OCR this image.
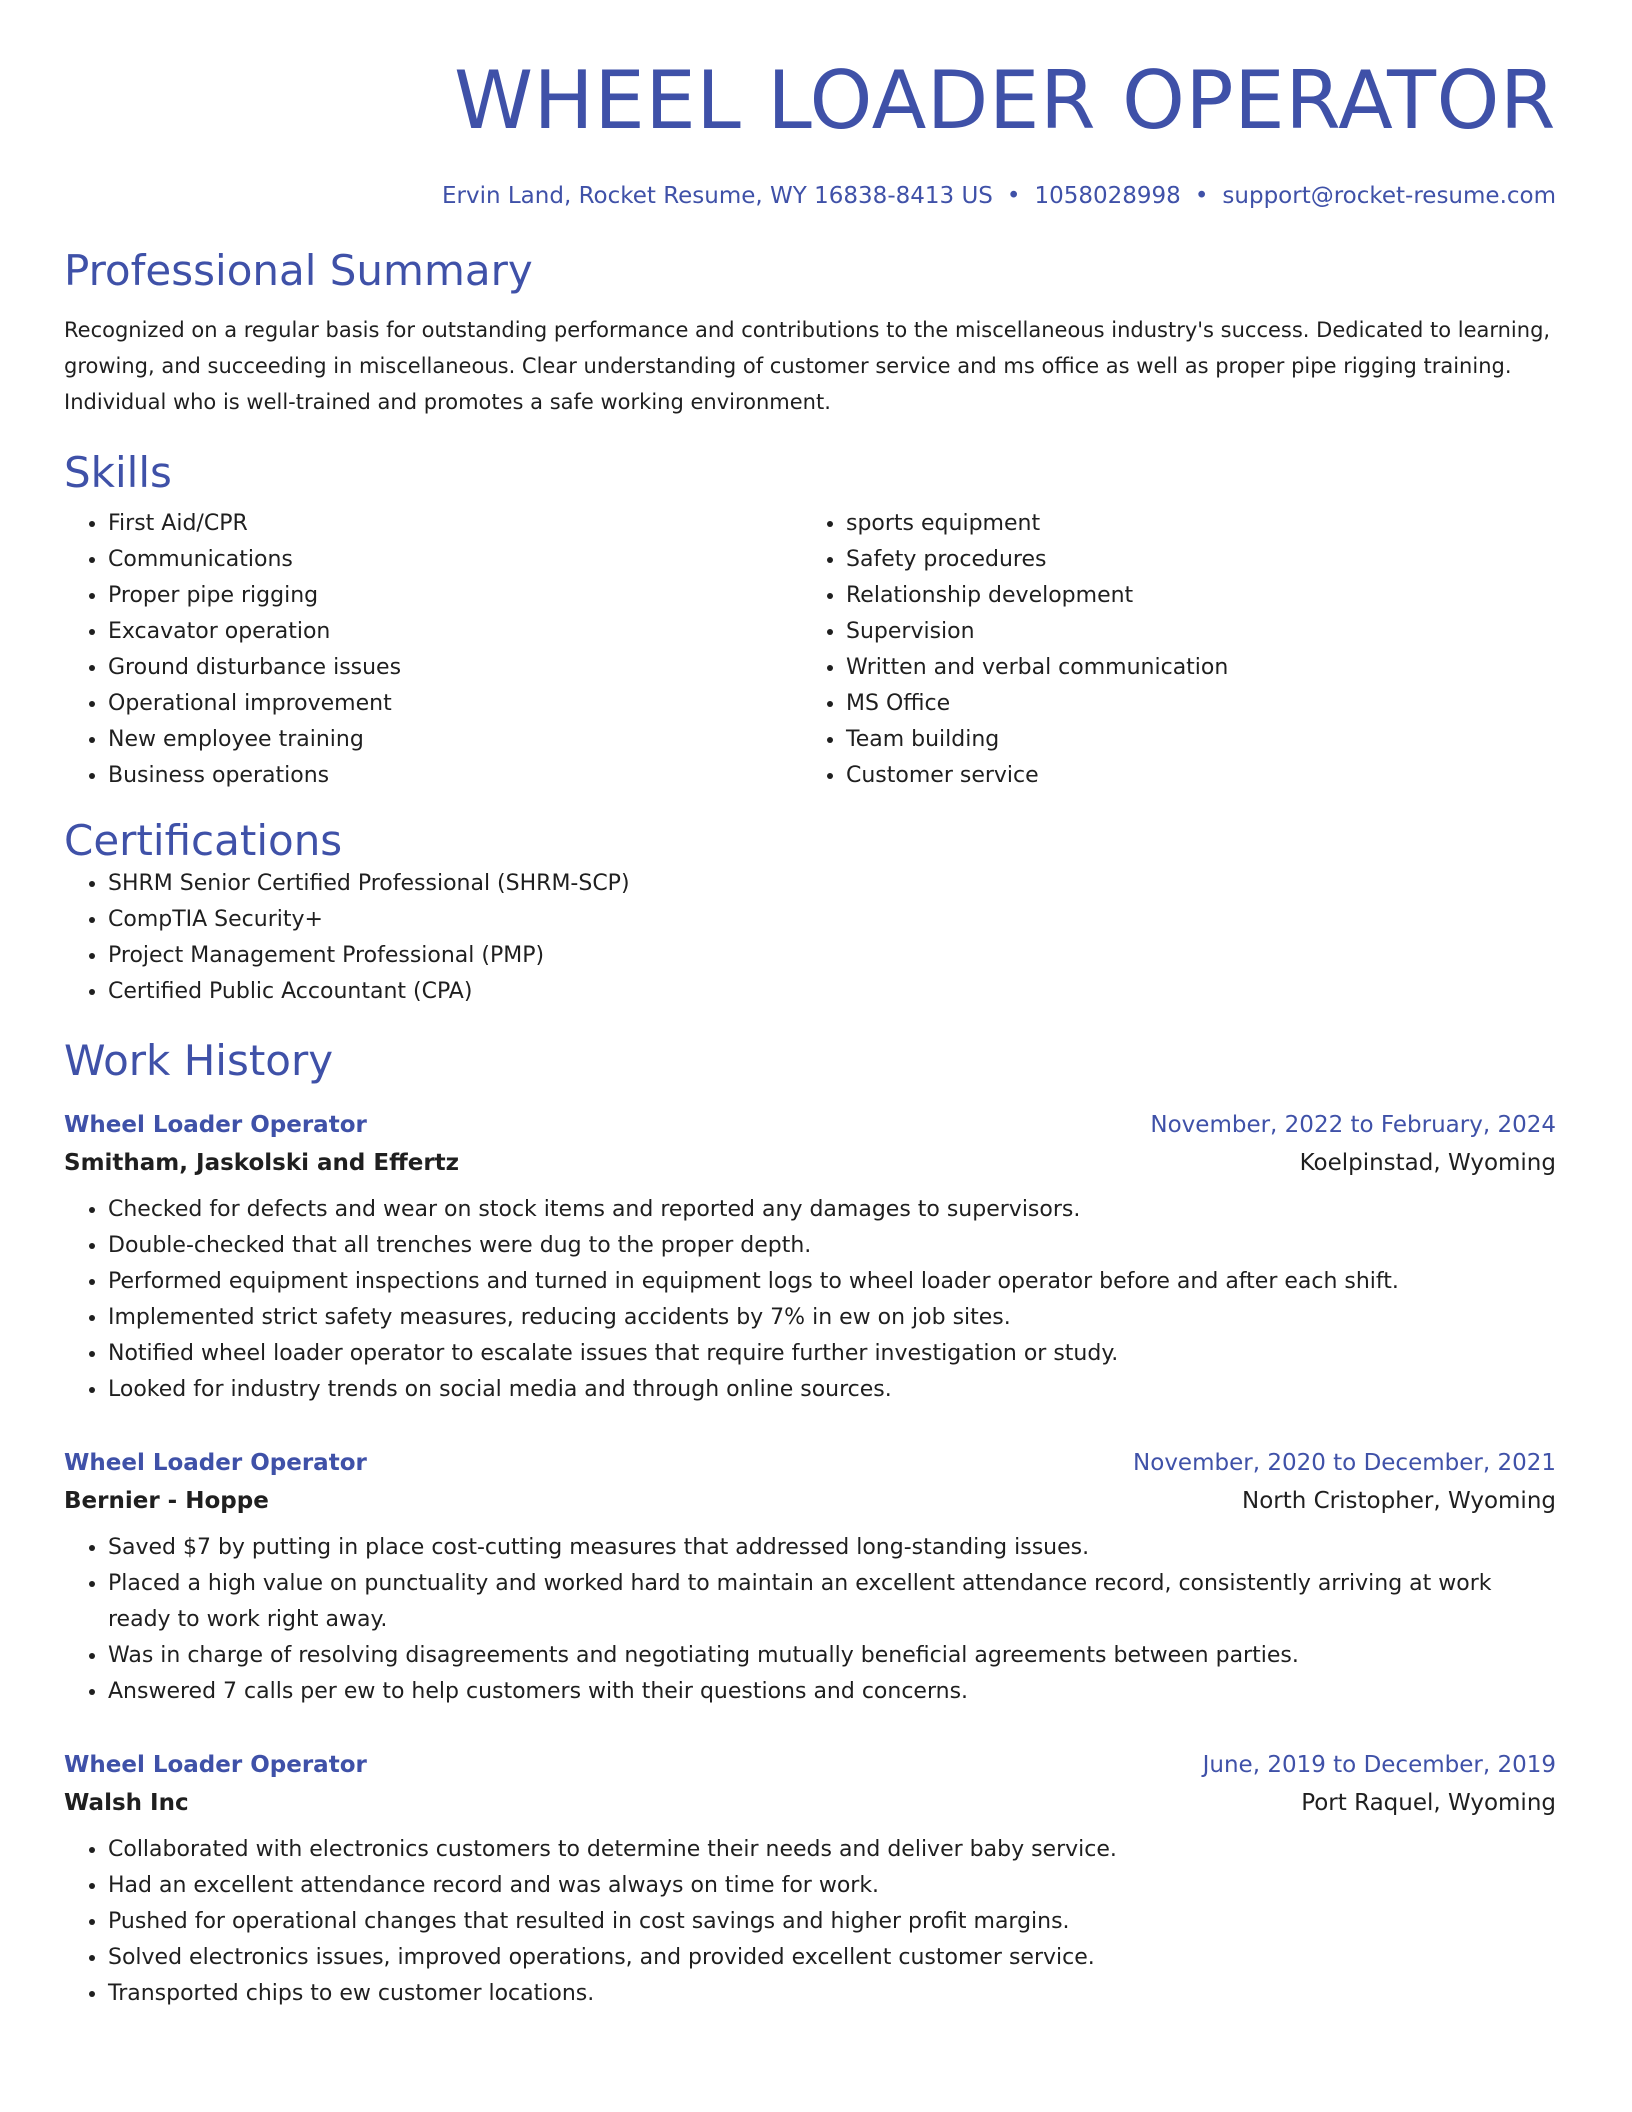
WHEEL LOADER OPERATOR
Ervin Land, Rocket Resume, WY 16838-8413 US • 1058028998 • support@rocket-resume.com
Professional Summary
Recognized on a regular basis for outstanding performance and contributions to the miscellaneous industry's success. Dedicated to learning, growing, and succeeding in miscellaneous. Clear understanding of customer service and ms office as well as proper pipe rigging training. Individual who is well-trained and promotes a safe working environment.
Skills
• First Aid/CPR
• Communications
• Proper pipe rigging
• Excavator operation
• Ground disturbance issues
• Operational improvement
• New employee training
• Business operations
• sports equipment
• Safety procedures
• Relationship development
• Supervision
• Written and verbal communication
• MS Office
• Team building
• Customer service
Certifications
• SHRM Senior Certified Professional (SHRM-SCP)
• CompTIA Security+
• Project Management Professional (PMP)
• Certified Public Accountant (CPA)
Work History
Wheel Loader Operator	November, 2022 to February, 2024
Smitham, Jaskolski and Effertz	Koelpinstad, Wyoming
• Checked for defects and wear on stock items and reported any damages to supervisors.
• Double-checked that all trenches were dug to the proper depth.
• Performed equipment inspections and turned in equipment logs to wheel loader operator before and after each shift.
• Implemented strict safety measures, reducing accidents by 7% in ew on job sites.
• Notified wheel loader operator to escalate issues that require further investigation or study.
• Looked for industry trends on social media and through online sources.
Wheel Loader Operator	November, 2020 to December, 2021
Bernier - Hoppe	North Cristopher, Wyoming
• Saved $7 by putting in place cost-cutting measures that addressed long-standing issues.
• Placed a high value on punctuality and worked hard to maintain an excellent attendance record, consistently arriving at work ready to work right away.
• Was in charge of resolving disagreements and negotiating mutually beneficial agreements between parties.
• Answered 7 calls per ew to help customers with their questions and concerns.
Wheel Loader Operator	June, 2019 to December, 2019
Walsh Inc	Port Raquel, Wyoming
• Collaborated with electronics customers to determine their needs and deliver baby service.
• Had an excellent attendance record and was always on time for work.
• Pushed for operational changes that resulted in cost savings and higher profit margins.
• Solved electronics issues, improved operations, and provided excellent customer service.
• Transported chips to ew customer locations.
